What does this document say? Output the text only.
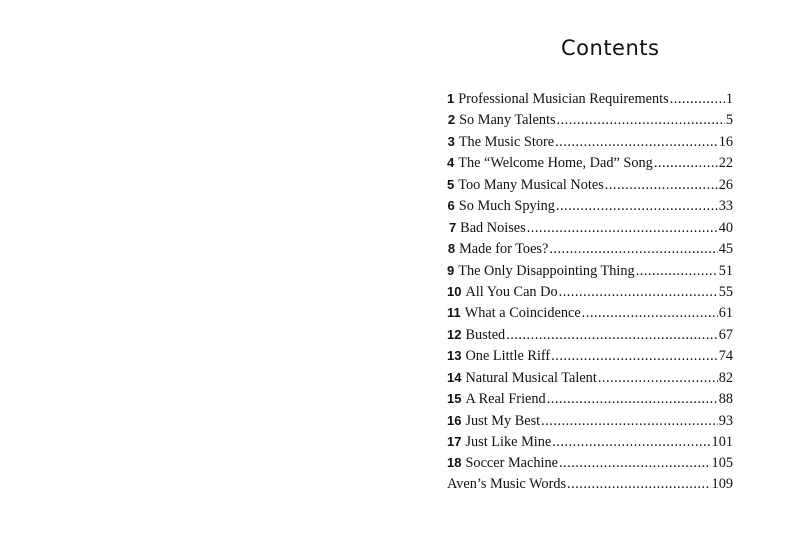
Contents
1 Professional Musician Requirements .....	1
2 So Many Talents .....	5
3 The Music Store .....	16
4 The “Welcome Home, Dad” Song .....	22
5 Too Many Musical Notes .....	26
6 So Much Spying .....	33
7 Bad Noises .....	40
8 Made for Toes? .....	45
9 The Only Disappointing Thing .....	51
10 All You Can Do .....	55
11 What a Coincidence .....	61
12 Busted .....	67
13 One Little Riff .....	74
14 Natural Musical Talent .....	82
15 A Real Friend .....	88
16 Just My Best .....	93
17 Just Like Mine .....	101
18 Soccer Machine .....	105
Aven’s Music Words .....	109
